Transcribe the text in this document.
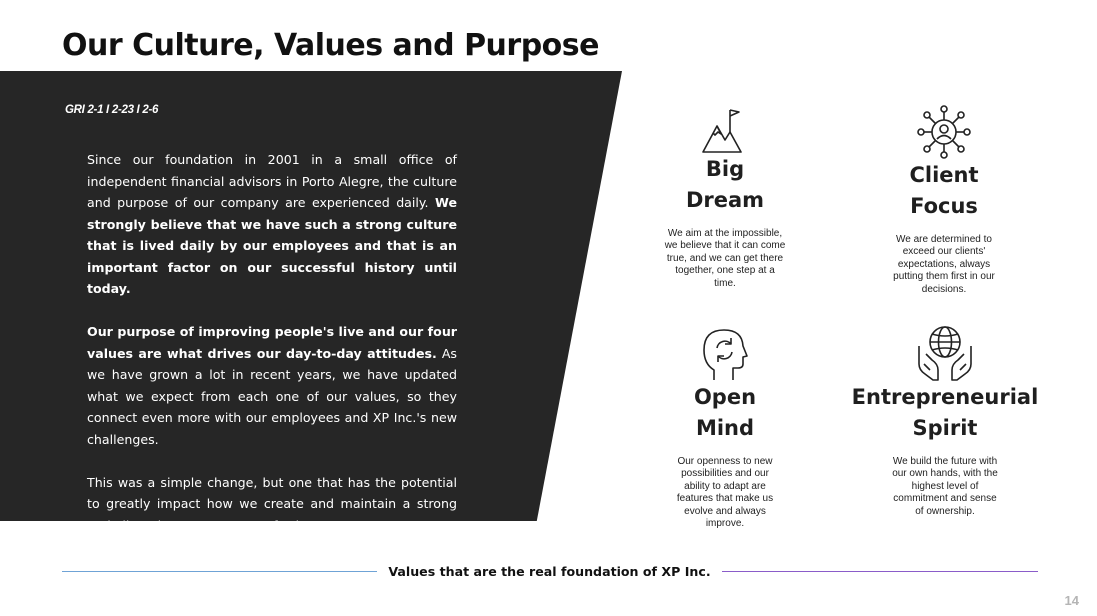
Our Culture, Values and Purpose
GRI 2-1 I 2-23 I 2-6

Since our foundation in 2001 in a small office of independent financial advisors in Porto Alegre, the culture and purpose of our company are experienced daily. We strongly believe that we have such a strong culture that is lived daily by our employees and that is an important factor on our successful history until today.

Our purpose of improving people's live and our four values are what drives our day-to-day attitudes. As we have grown a lot in recent years, we have updated what we expect from each one of our values, so they connect even more with our employees and XP Inc.'s new challenges.

This was a simple change, but one that has the potential to greatly impact how we create and maintain a strong and aligned team to go even further.

Big
Dream

We aim at the impossible, we believe that it can come true, and we can get there together, one step at a time.

Client
Focus

We are determined to exceed our clients' expectations, always putting them first in our decisions.

Open
Mind

Our openness to new possibilities and our ability to adapt are features that make us evolve and always improve.

Entrepreneurial
Spirit

We build the future with our own hands, with the highest level of commitment and sense of ownership.

Values that are the real foundation of XP Inc.
14
